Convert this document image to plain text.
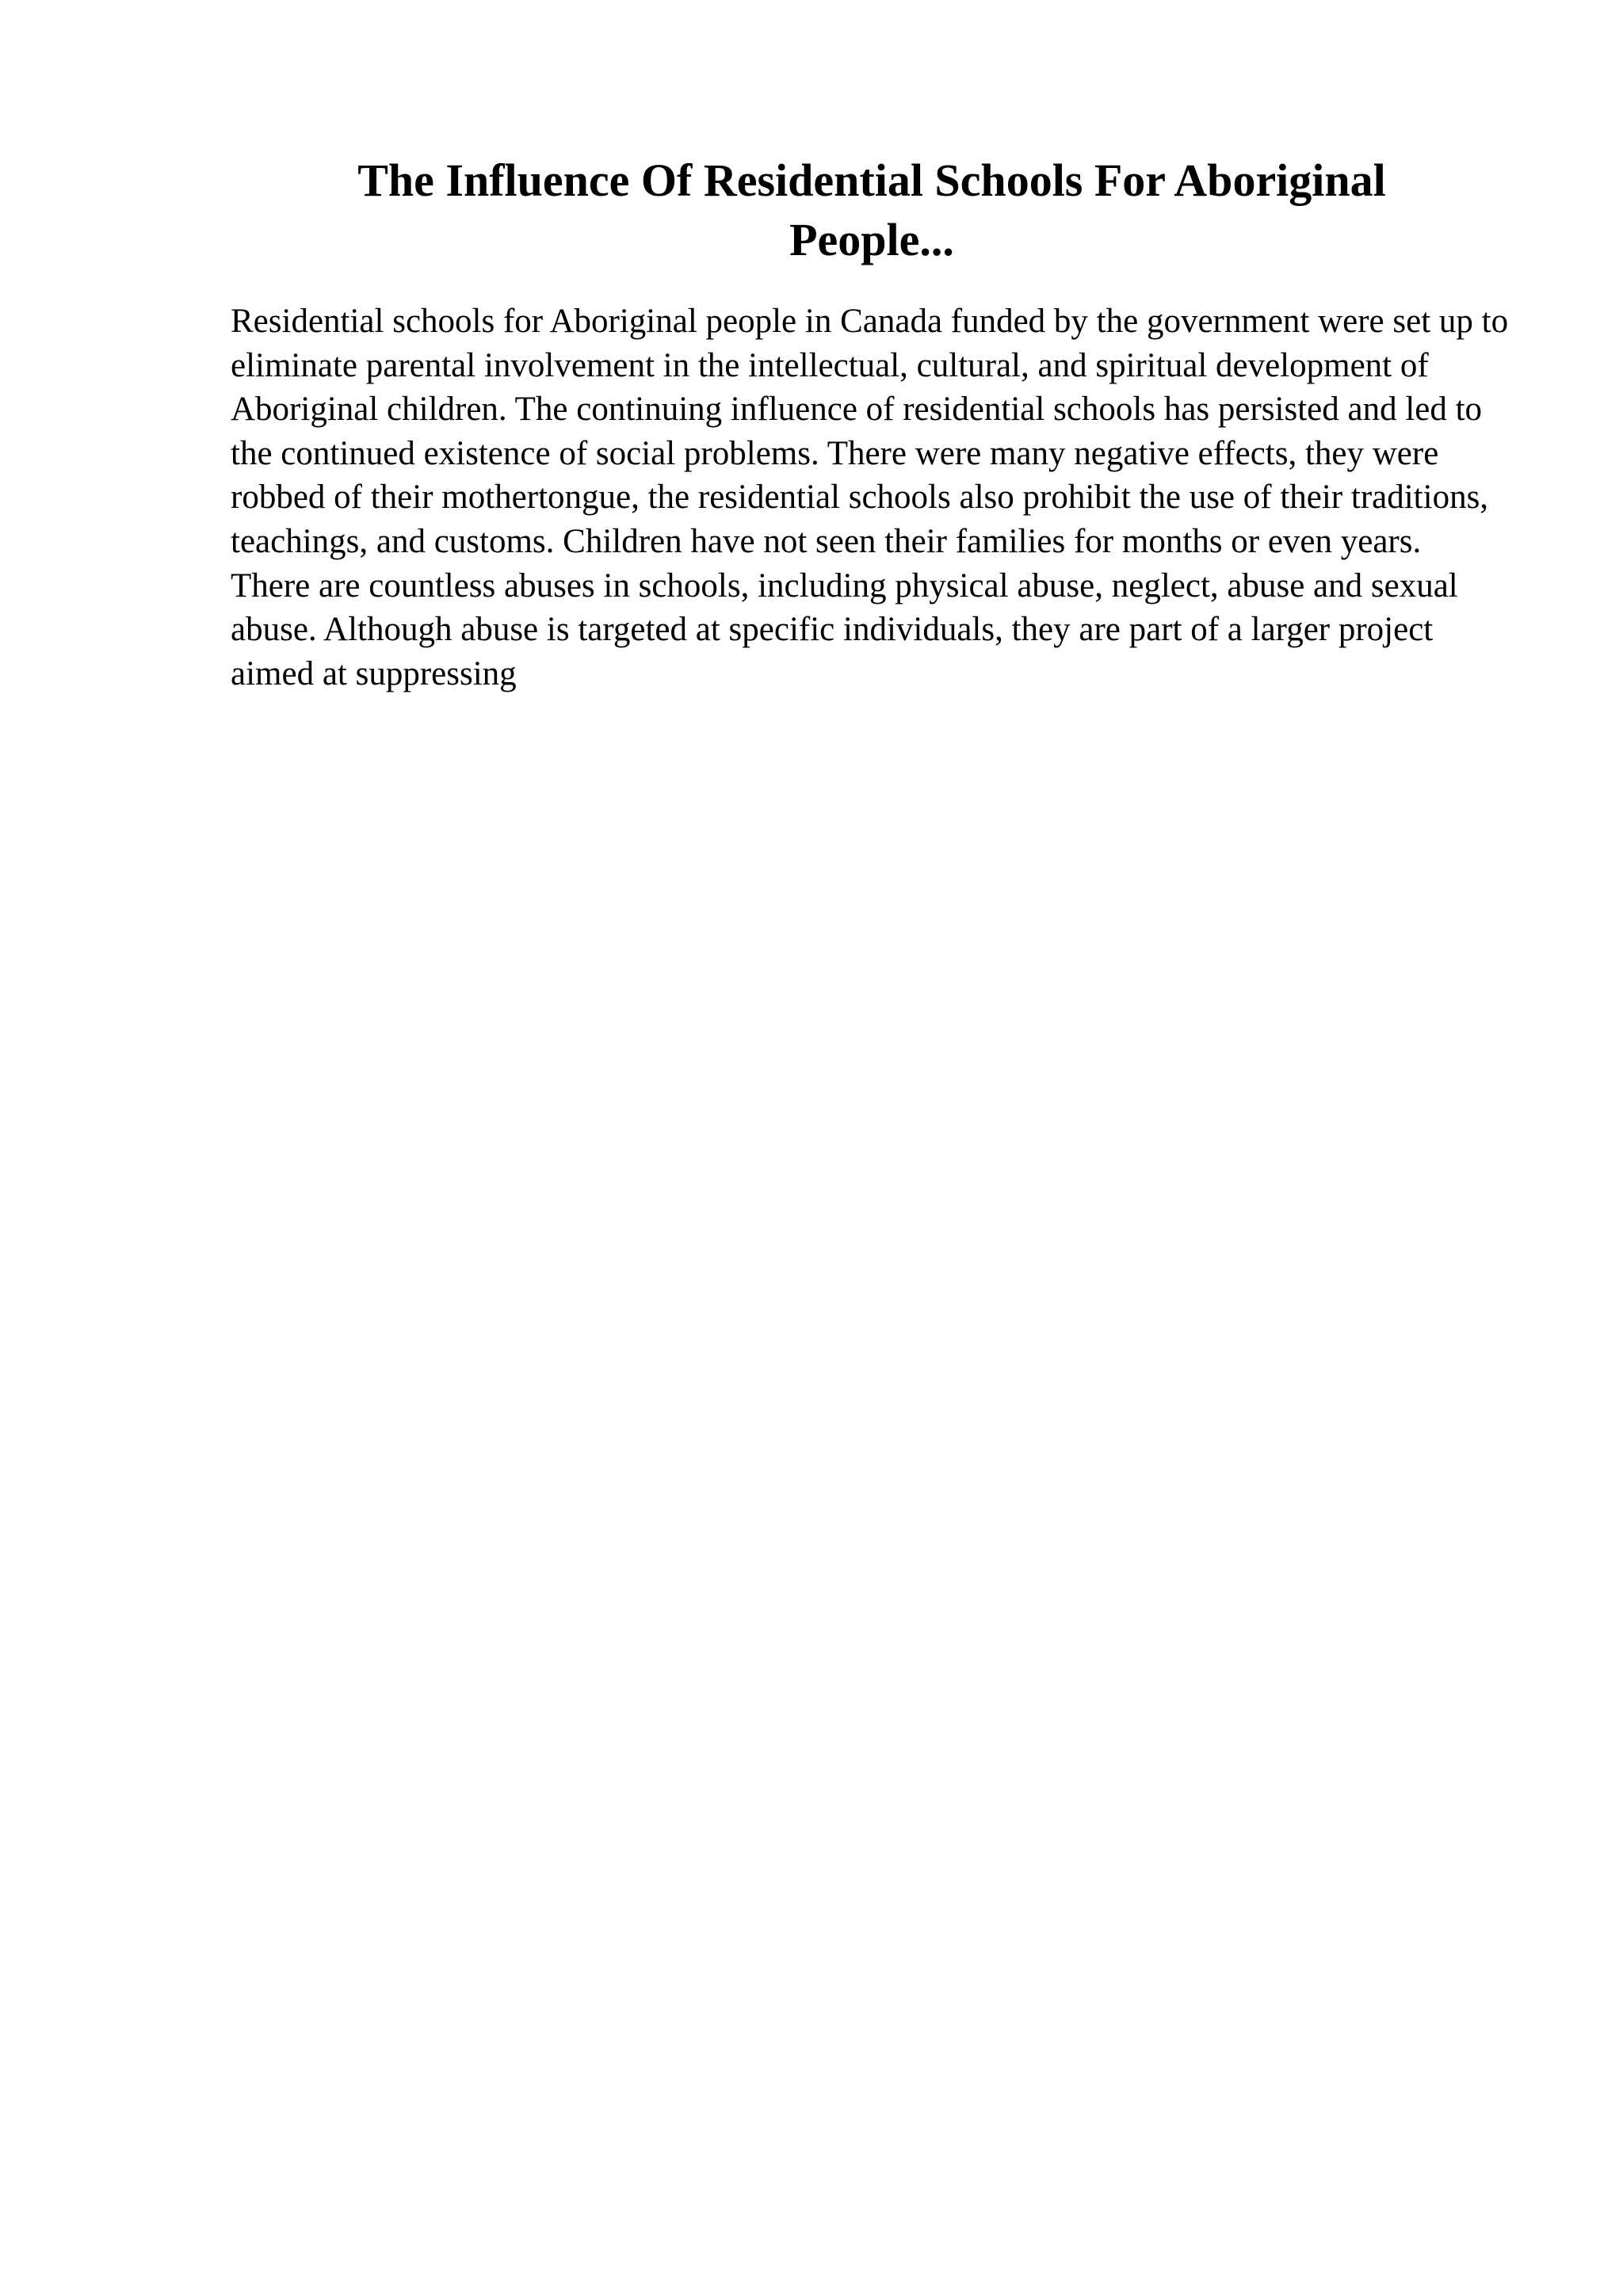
The Influence Of Residential Schools For Aboriginal People...

Residential schools for Aboriginal people in Canada funded by the government were set up to eliminate parental involvement in the intellectual, cultural, and spiritual development of Aboriginal children. The continuing influence of residential schools has persisted and led to the continued existence of social problems. There were many negative effects, they were robbed of their mothertongue, the residential schools also prohibit the use of their traditions, teachings, and customs. Children have not seen their families for months or even years.

There are countless abuses in schools, including physical abuse, neglect, abuse and sexual abuse. Although abuse is targeted at specific individuals, they are part of a larger project aimed at suppressing
